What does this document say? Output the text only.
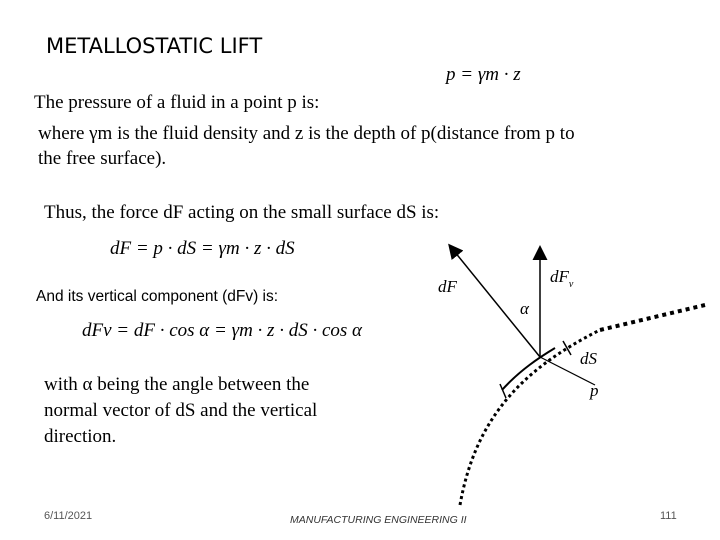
METALLOSTATIC LIFT
The pressure of a fluid in a point p is:
p = γm · z
where γm is the fluid density and z is the depth of p(distance from p to
the free surface).
Thus, the force dF acting on the small surface dS is:
dF = p · dS = γm · z · dS
And its vertical component (dFv) is:
dFv = dF · cos α = γm · z · dS · cos α
with α being the angle between the
normal vector of dS and the vertical
direction.
dF
$dF_v$
α
dS
p
6/11/2021	MANUFACTURING ENGINEERING II	111
